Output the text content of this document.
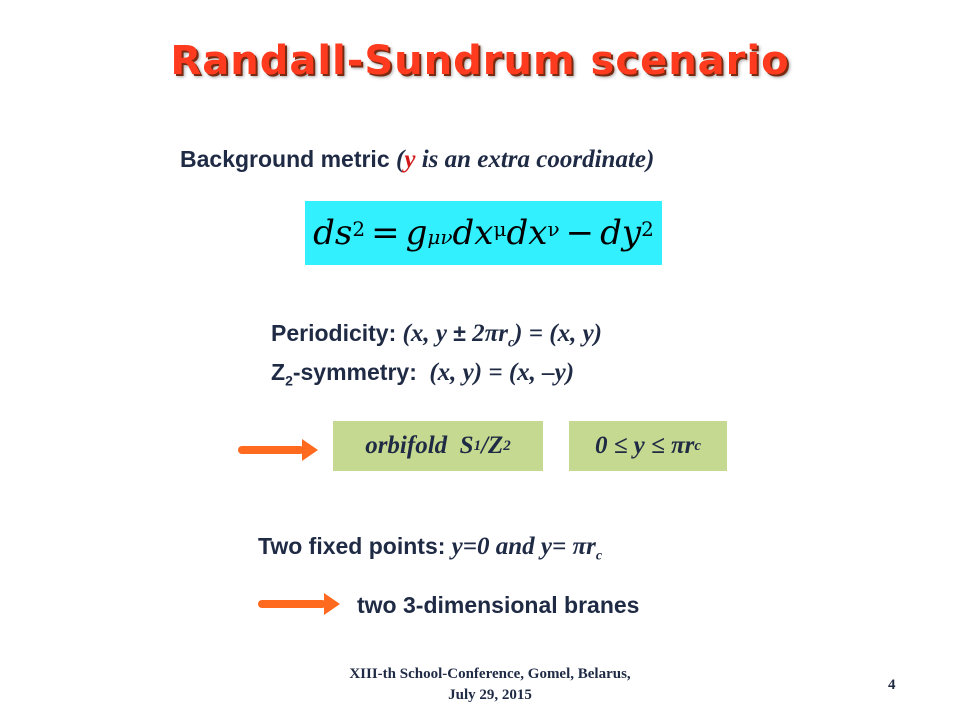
Randall-Sundrum scenario
Background metric (y is an extra coordinate)
$ds^2 = g_{\mu\nu}$ $dx^\mu$ $dx^\nu - dy^2$
Periodicity: (x, $y \pm 2\pi r_c) = (x$, y)
$Z_2$-symmetry:  (x, y) = (x, –y)
orbifold  S 1 /Z 2	0 ≤ y ≤ πr c
Two fixed points: y=0 and $y= \pi r_c$
two 3-dimensional branes
XIII-th School-Conference, Gomel, Belarus,
July 29, 2015
4
